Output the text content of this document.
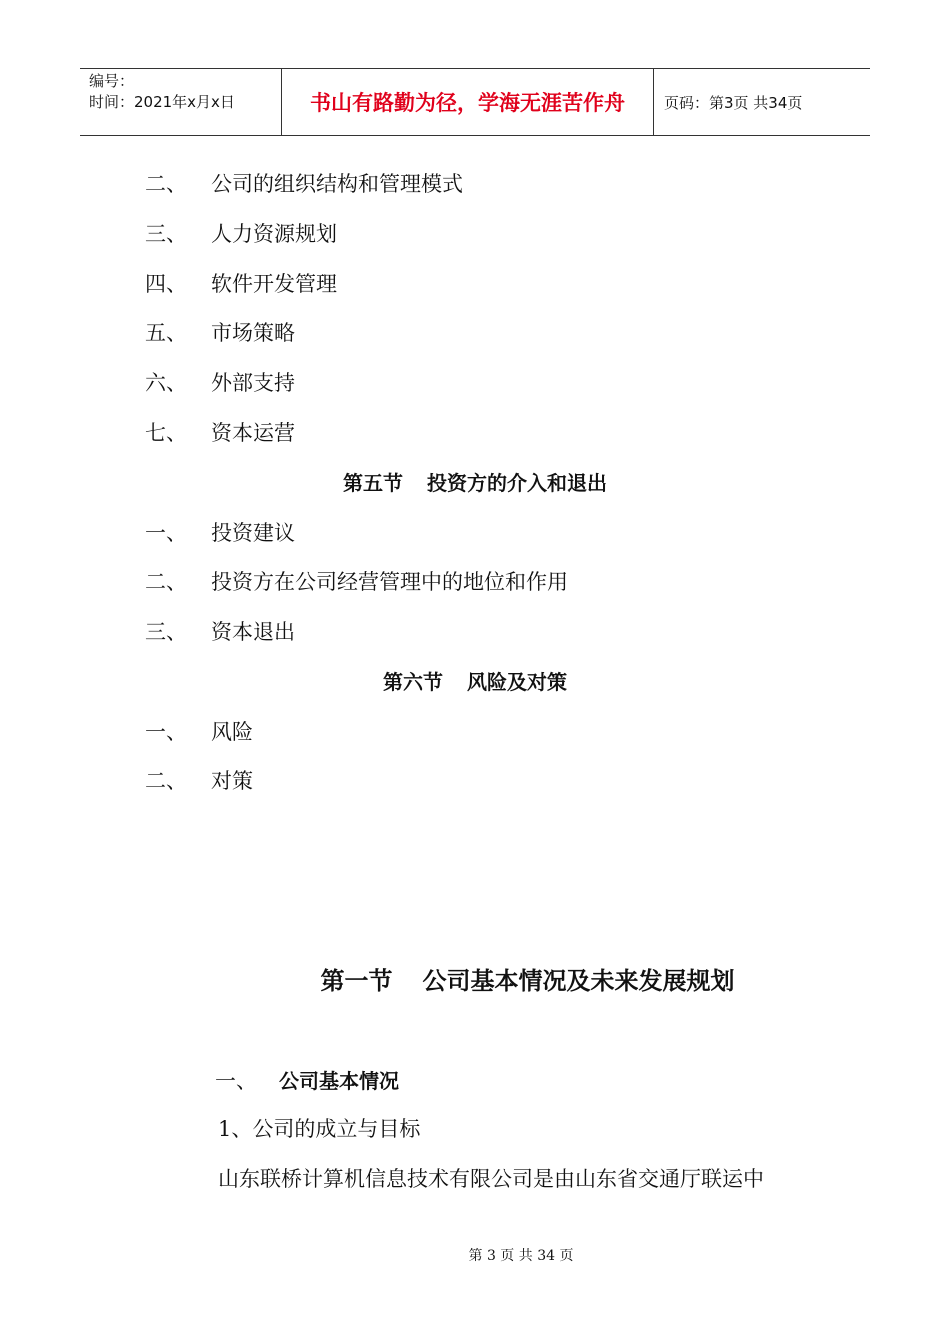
编号：
时间：2021年x月x日	书山有路勤为径，学海无涯苦作舟	页码：第3页 共34页
二、 公司的组织结构和管理模式
三、 人力资源规划
四、 软件开发管理
五、 市场策略
六、 外部支持
七、 资本运营
第五节 投资方的介入和退出
一、 投资建议
二、 投资方在公司经营管理中的地位和作用
三、 资本退出
第六节 风险及对策
一、 风险
二、 对策
第一节 公司基本情况及未来发展规划
一、 公司基本情况
1、公司的成立与目标
山东联桥计算机信息技术有限公司是由山东省交通厅联运中
第 3 页 共 34 页
